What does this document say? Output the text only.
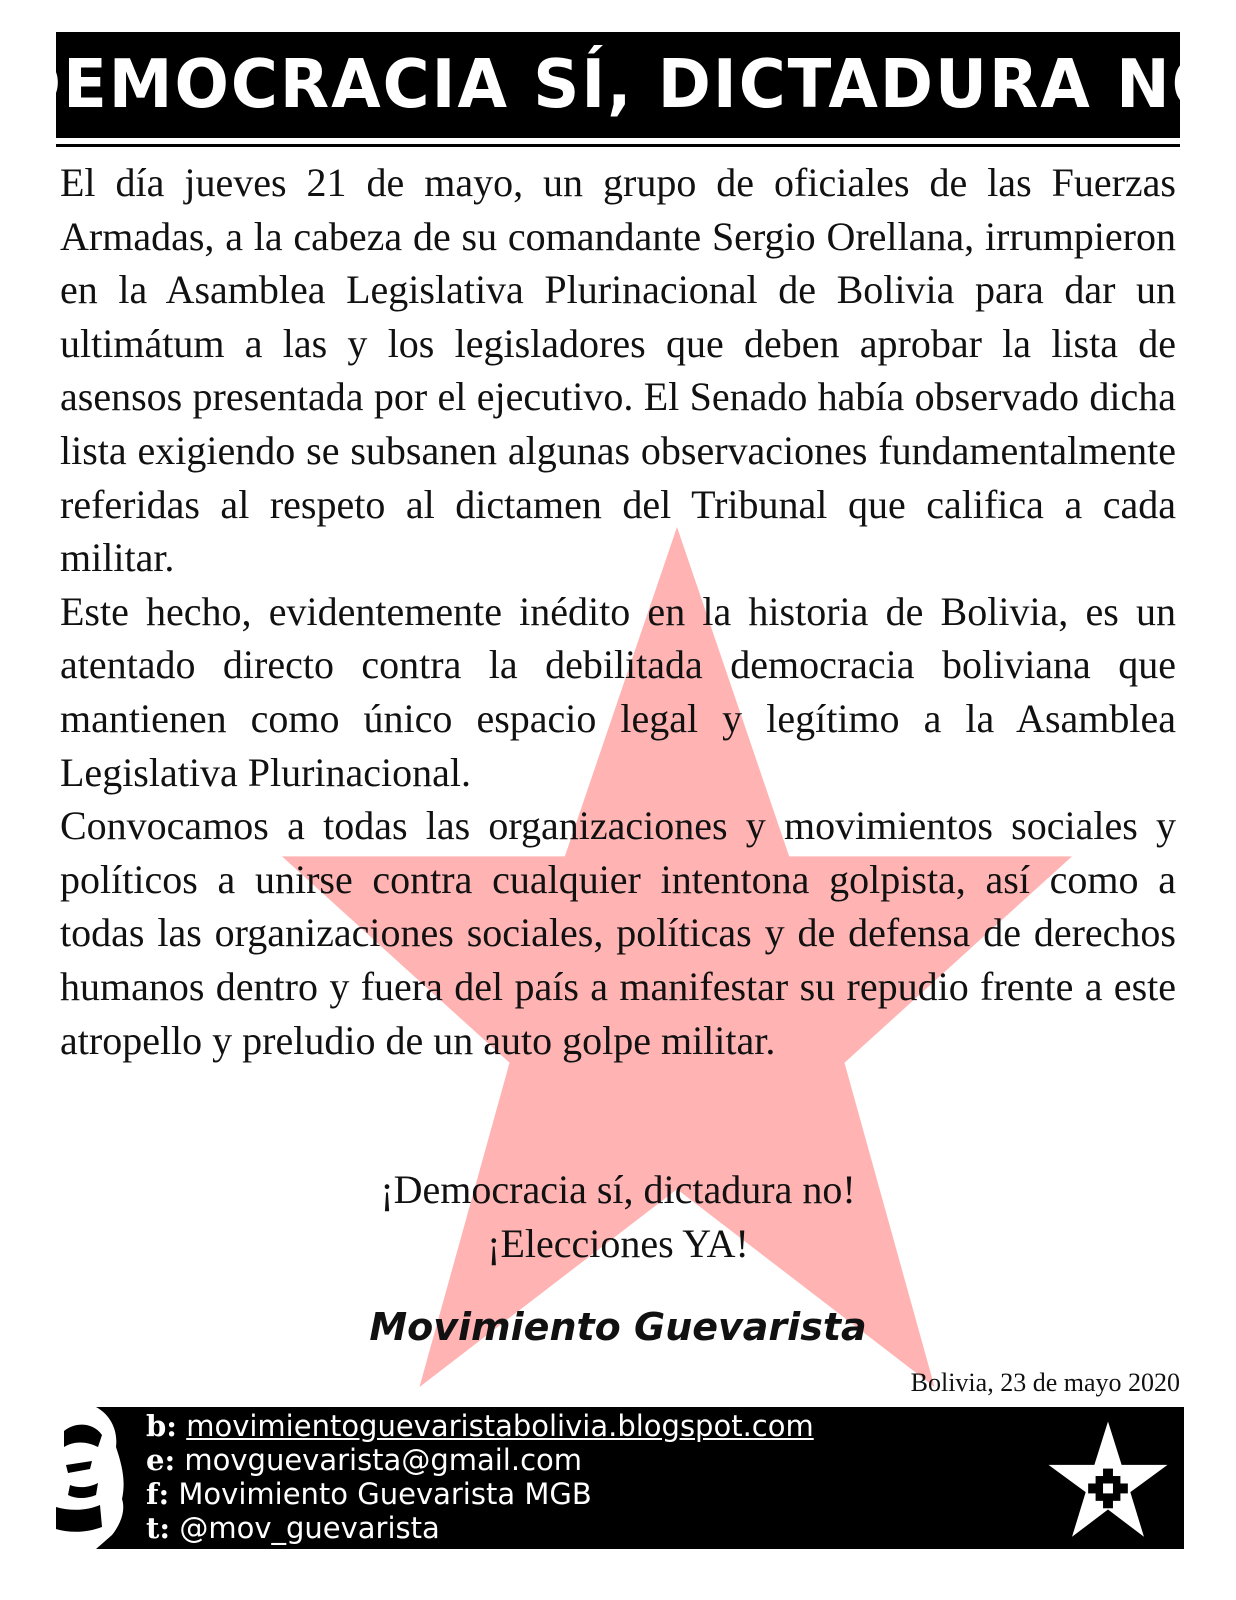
DEMOCRACIA SÍ, DICTADURA NO

El día jueves 21 de mayo, un grupo de oficiales de las Fuerzas Armadas, a la cabeza de su comandante Sergio Orellana, irrumpieron en la Asamblea Legislativa Plurinacional de Bolivia para dar un ultimátum a las y los legisladores que deben aprobar la lista de asensos presentada por el ejecutivo. El Senado había observado dicha lista exigiendo se subsanen algunas observaciones fundamentalmente referidas al respeto al dictamen del Tribunal que califica a cada militar.

Este hecho, evidentemente inédito en la historia de Bolivia, es un atentado directo contra la debilitada democracia boliviana que mantienen como único espacio legal y legítimo a la Asamblea Legislativa Plurinacional.

Convocamos a todas las organizaciones y movimientos sociales y políticos a unirse contra cualquier intentona golpista, así como a todas las organizaciones sociales, políticas y de defensa de derechos humanos dentro y fuera del país a manifestar su repudio frente a este atropello y preludio de un auto golpe militar.

¡Democracia sí, dictadura no!
¡Elecciones YA!
Movimiento Guevarista
Bolivia, 23 de mayo 2020
b: movimientoguevaristabolivia.blogspot.com
e: movguevarista@gmail.com
f: Movimiento Guevarista MGB
t: @mov_guevarista
